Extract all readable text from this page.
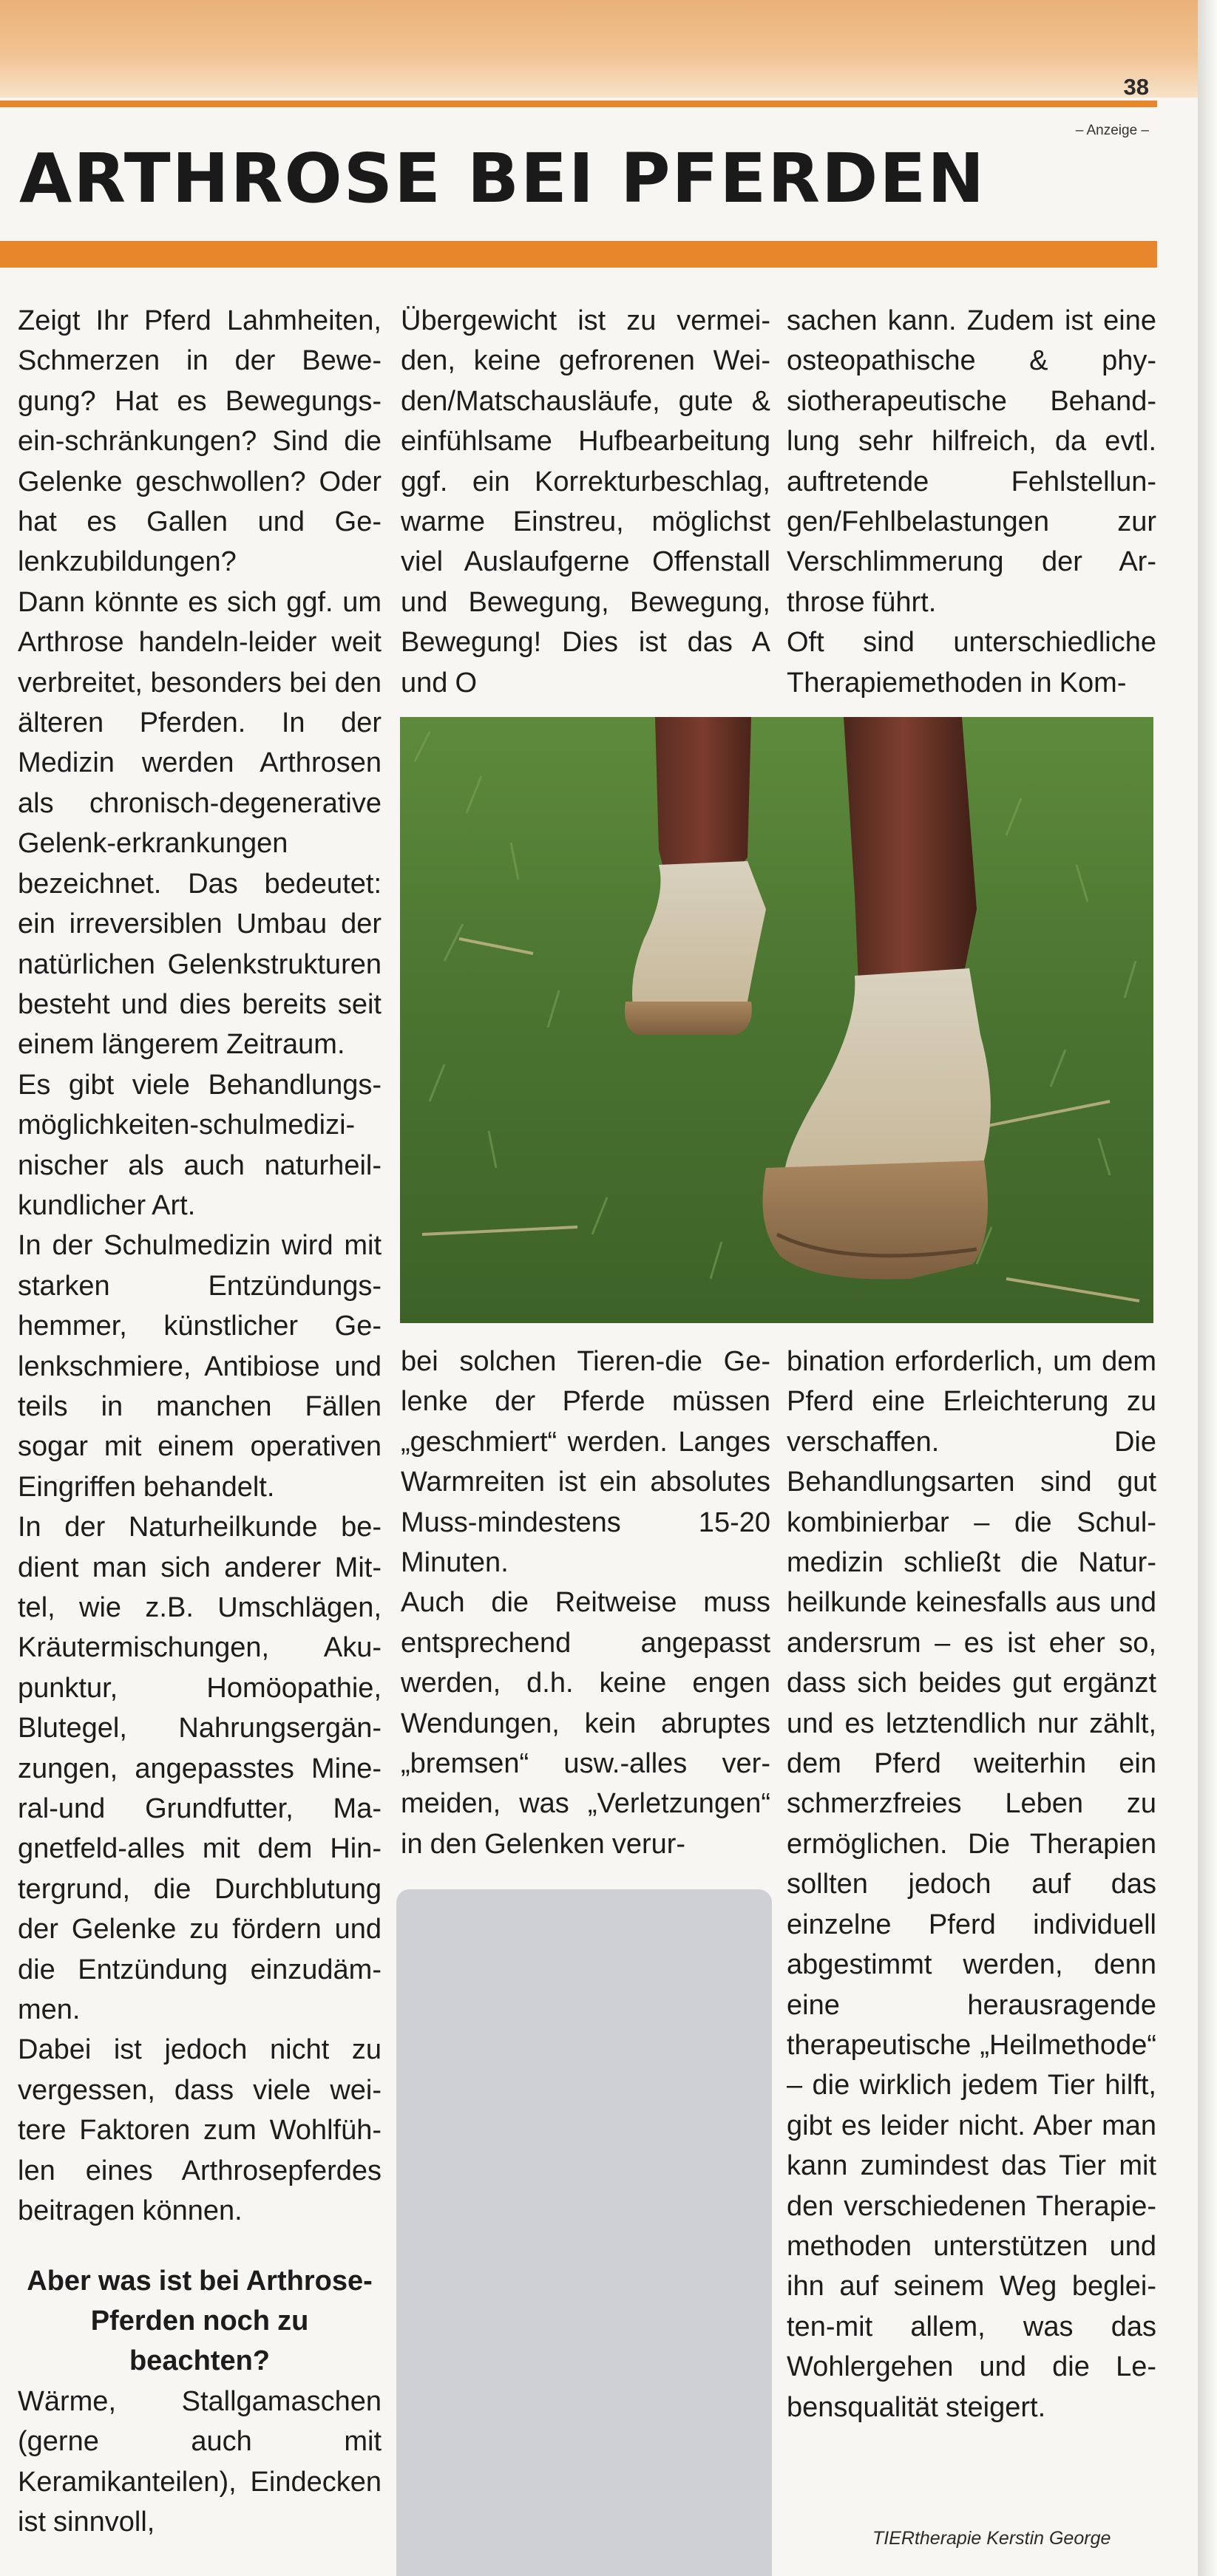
38
– Anzeige –
ARTHROSE BEI PFERDEN

Zeigt Ihr Pferd Lahmheiten, Schmerzen in der Bewegung? Hat es Bewegungsein-schränkungen? Sind die Gelenke geschwollen? Oder hat es Gallen und Gelenkzubildungen?

Dann könnte es sich ggf. um Arthrose handeln-leider weit verbreitet, besonders bei den älteren Pferden. In der Medizin werden Arthrosen als chronisch-degenerative Gelenk-erkrankungen bezeichnet. Das bedeutet: ein irreversiblen Umbau der natürlichen Gelenkstrukturen besteht und dies bereits seit einem längerem Zeitraum.

Es gibt viele Behandlungsmöglichkeiten-schulmedizinischer als auch naturheilkundlicher Art.

In der Schulmedizin wird mit starken Entzündungshemmer, künstlicher Gelenkschmiere, Antibiose und teils in manchen Fällen sogar mit einem operativen Eingriffen behandelt.

In der Naturheilkunde bedient man sich anderer Mittel, wie z.B. Umschlägen, Kräutermischungen, Akupunktur, Homöopathie, Blutegel, Nahrungsergänzungen, angepasstes Mineral-und Grundfutter, Magnetfeld-alles mit dem Hintergrund, die Durchblutung der Gelenke zu fördern und die Entzündung einzudämmen.

Dabei ist jedoch nicht zu vergessen, dass viele weitere Faktoren zum Wohlfühlen eines Arthrosepferdes beitragen können.

Aber was ist bei Arthrose-Pferden noch zu beachten?

Wärme, Stallgamaschen (gerne auch mit Keramikanteilen), Eindecken ist sinnvoll,

Übergewicht ist zu vermeiden, keine gefrorenen Weiden/Matschausläufe, gute & einfühlsame Hufbearbeitung ggf. ein Korrekturbeschlag, warme Einstreu, möglichst viel Auslaufgerne Offenstall und Bewegung, Bewegung, Bewegung! Dies ist das A und O

sachen kann. Zudem ist eine osteopathische & physiotherapeutische Behandlung sehr hilfreich, da evtl. auftretende Fehlstellungen/Fehlbelastungen zur Verschlimmerung der Arthrose führt.

Oft sind unterschiedliche Therapiemethoden in Kom-

bei solchen Tieren-die Gelenke der Pferde müssen „geschmiert“ werden. Langes Warmreiten ist ein absolutes Muss-mindestens 15-20 Minuten.

Auch die Reitweise muss entsprechend angepasst werden, d.h. keine engen Wendungen, kein abruptes „bremsen“ usw.-alles vermeiden, was „Verletzungen“ in den Gelenken verur-

bination erforderlich, um dem Pferd eine Erleichterung zu verschaffen. Die Behandlungsarten sind gut kombinierbar – die Schulmedizin schließt die Naturheilkunde keinesfalls aus und andersrum – es ist eher so, dass sich beides gut ergänzt und es letztendlich nur zählt, dem Pferd weiterhin ein schmerzfreies Leben zu ermöglichen. Die Therapien sollten jedoch auf das einzelne Pferd individuell abgestimmt werden, denn eine herausragende therapeutische „Heilmethode“ – die wirklich jedem Tier hilft, gibt es leider nicht. Aber man kann zumindest das Tier mit den verschiedenen Therapiemethoden unterstützen und ihn auf seinem Weg begleiten-mit allem, was das Wohlergehen und die Lebensqualität steigert.

TIERtherapie Kerstin George
